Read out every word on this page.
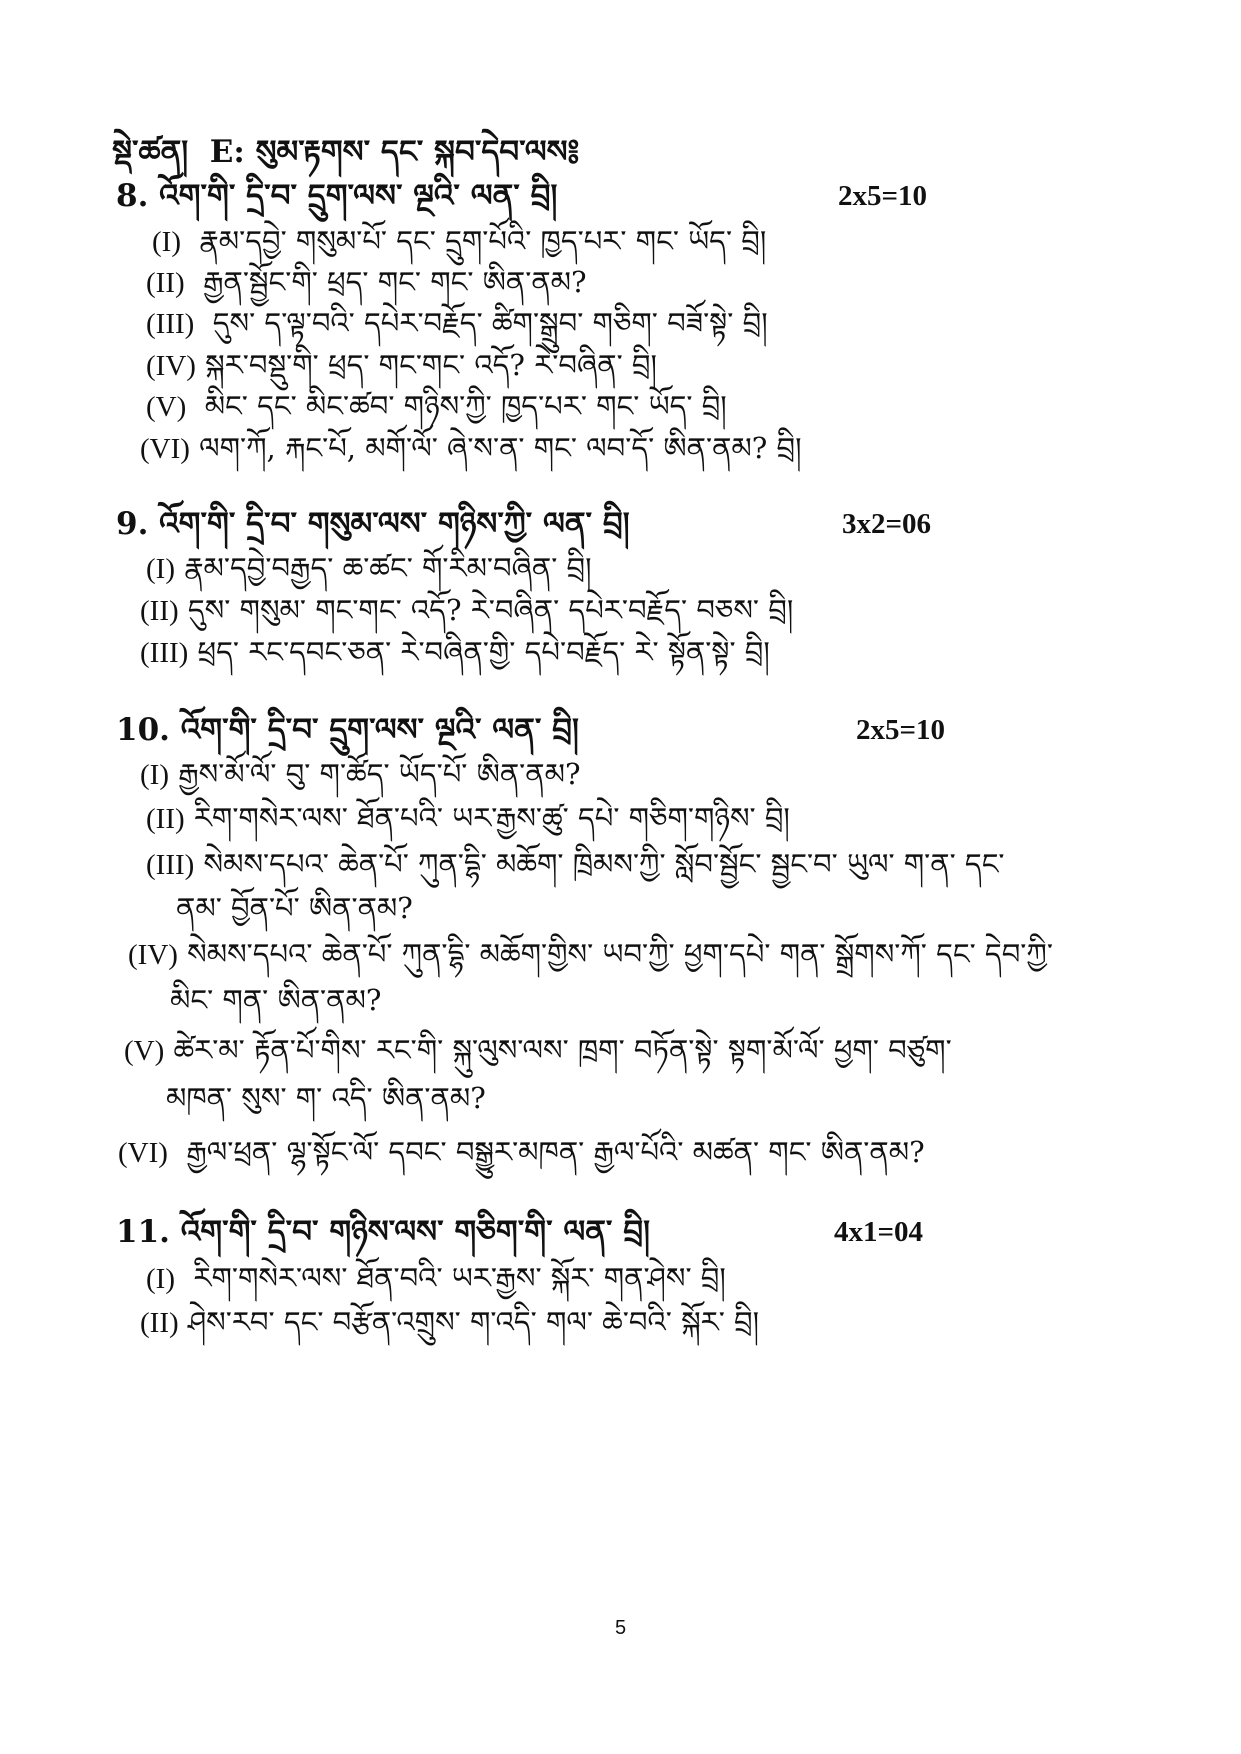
སྡེ་ཚན། E: སུམ་རྟགས་ དང་ སྐབ་དེབ་ལས༔
8. འོག་གི་ དྲི་བ་ དྲུག་ལས་ ལྔའི་ ལན་ བྲི།	2x5=10
(I) རྣམ་དབྱེ་ གསུམ་པོ་ དང་ དྲུག་པོའི་ ཁྱད་པར་ གང་ ཡོད་ བྲི།
(II) རྒྱན་སྦྱོང་གི་ ཕྲད་ གང་ གང་ ཨིན་ནམ?
(III) དུས་ ད་ལྟ་བའི་ དཔེར་བརྗོད་ ཚིག་སྒྲུབ་ གཅིག་ བཟོ་སྟེ་ བྲི།
(IV) སྐར་བསྡུ་གི་ ཕྲད་ གང་གང་ འདོ? རེ་བཞིན་ བྲི།
(V) མིང་ དང་ མིང་ཚབ་ གཉིས་ཀྱི་ ཁྱད་པར་ གང་ ཡོད་ བྲི།
(VI) ལག་ཀོ, རྐང་པོ, མགོ་ལོ་ ཞེ་ས་ན་ གང་ ལབ་དོ་ ཨིན་ནམ? བྲི།
9. འོག་གི་ དྲི་བ་ གསུམ་ལས་ གཉིས་ཀྱི་ ལན་ བྲི།	3x2=06
(I) རྣམ་དབྱེ་བརྒྱད་ ཆ་ཚང་ གོ་རིམ་བཞིན་ བྲི།
(II) དུས་ གསུམ་ གང་གང་ འདོ? རེ་བཞིན་ དཔེར་བརྗོད་ བཅས་ བྲི།
(III) ཕྲད་ རང་དབང་ཅན་ རེ་བཞིན་གྱི་ དཔེ་བརྗོད་ རེ་ སྟོན་སྟེ་ བྲི།
10. འོག་གི་ དྲི་བ་ དྲུག་ལས་ ལྔའི་ ལན་ བྲི།	2x5=10
(I) རྒྱས་མོ་ལོ་ བུ་ ག་ཚོད་ ཡོད་པོ་ ཨིན་ནམ?
(II) རིག་གསེར་ལས་ ཐོན་པའི་ ཡར་རྒྱས་ཚུ་ དཔེ་ གཅིག་གཉིས་ བྲི།
(III) སེམས་དཔའ་ ཆེན་པོ་ ཀུན་དྷི་ མཆོག་ ཁྲིམས་ཀྱི་ སློབ་སྦྱོང་ སྦྱང་བ་ ཡུལ་ ག་ན་ དང་
ནམ་ བྱོན་པོ་ ཨིན་ནམ?
(IV) སེམས་དཔའ་ ཆེན་པོ་ ཀུན་དྷི་ མཆོག་གྱིས་ ཡབ་ཀྱི་ ཕྱག་དཔེ་ གན་ སྒྲོགས་ཀོ་ དང་ དེབ་ཀྱི་
མིང་ གན་ ཨིན་ནམ?
(V) ཚེར་མ་ རྟོན་པོ་གིས་ རང་གི་ སྐུ་ལུས་ལས་ ཁྲག་ བཏོན་སྟེ་ སྟག་མོ་ལོ་ ཕྱག་ བཙུག་
མཁན་ སུས་ ག་ འདི་ ཨིན་ནམ?
(VI) རྒྱལ་ཕྲན་ ལྷ་སྟོང་ལོ་ དབང་ བསྒྱུར་མཁན་ རྒྱལ་པོའི་ མཚན་ གང་ ཨིན་ནམ?
11. འོག་གི་ དྲི་བ་ གཉིས་ལས་ གཅིག་གི་ ལན་ བྲི།	4x1=04
(I) རིག་གསེར་ལས་ ཐོན་བའི་ ཡར་རྒྱས་ སྐོར་ གན་ཤེས་ བྲི།
(II) ཤེས་རབ་ དང་ བརྩོན་འགྲུས་ ག་འདི་ གལ་ ཆེ་བའི་ སྐོར་ བྲི།
5
